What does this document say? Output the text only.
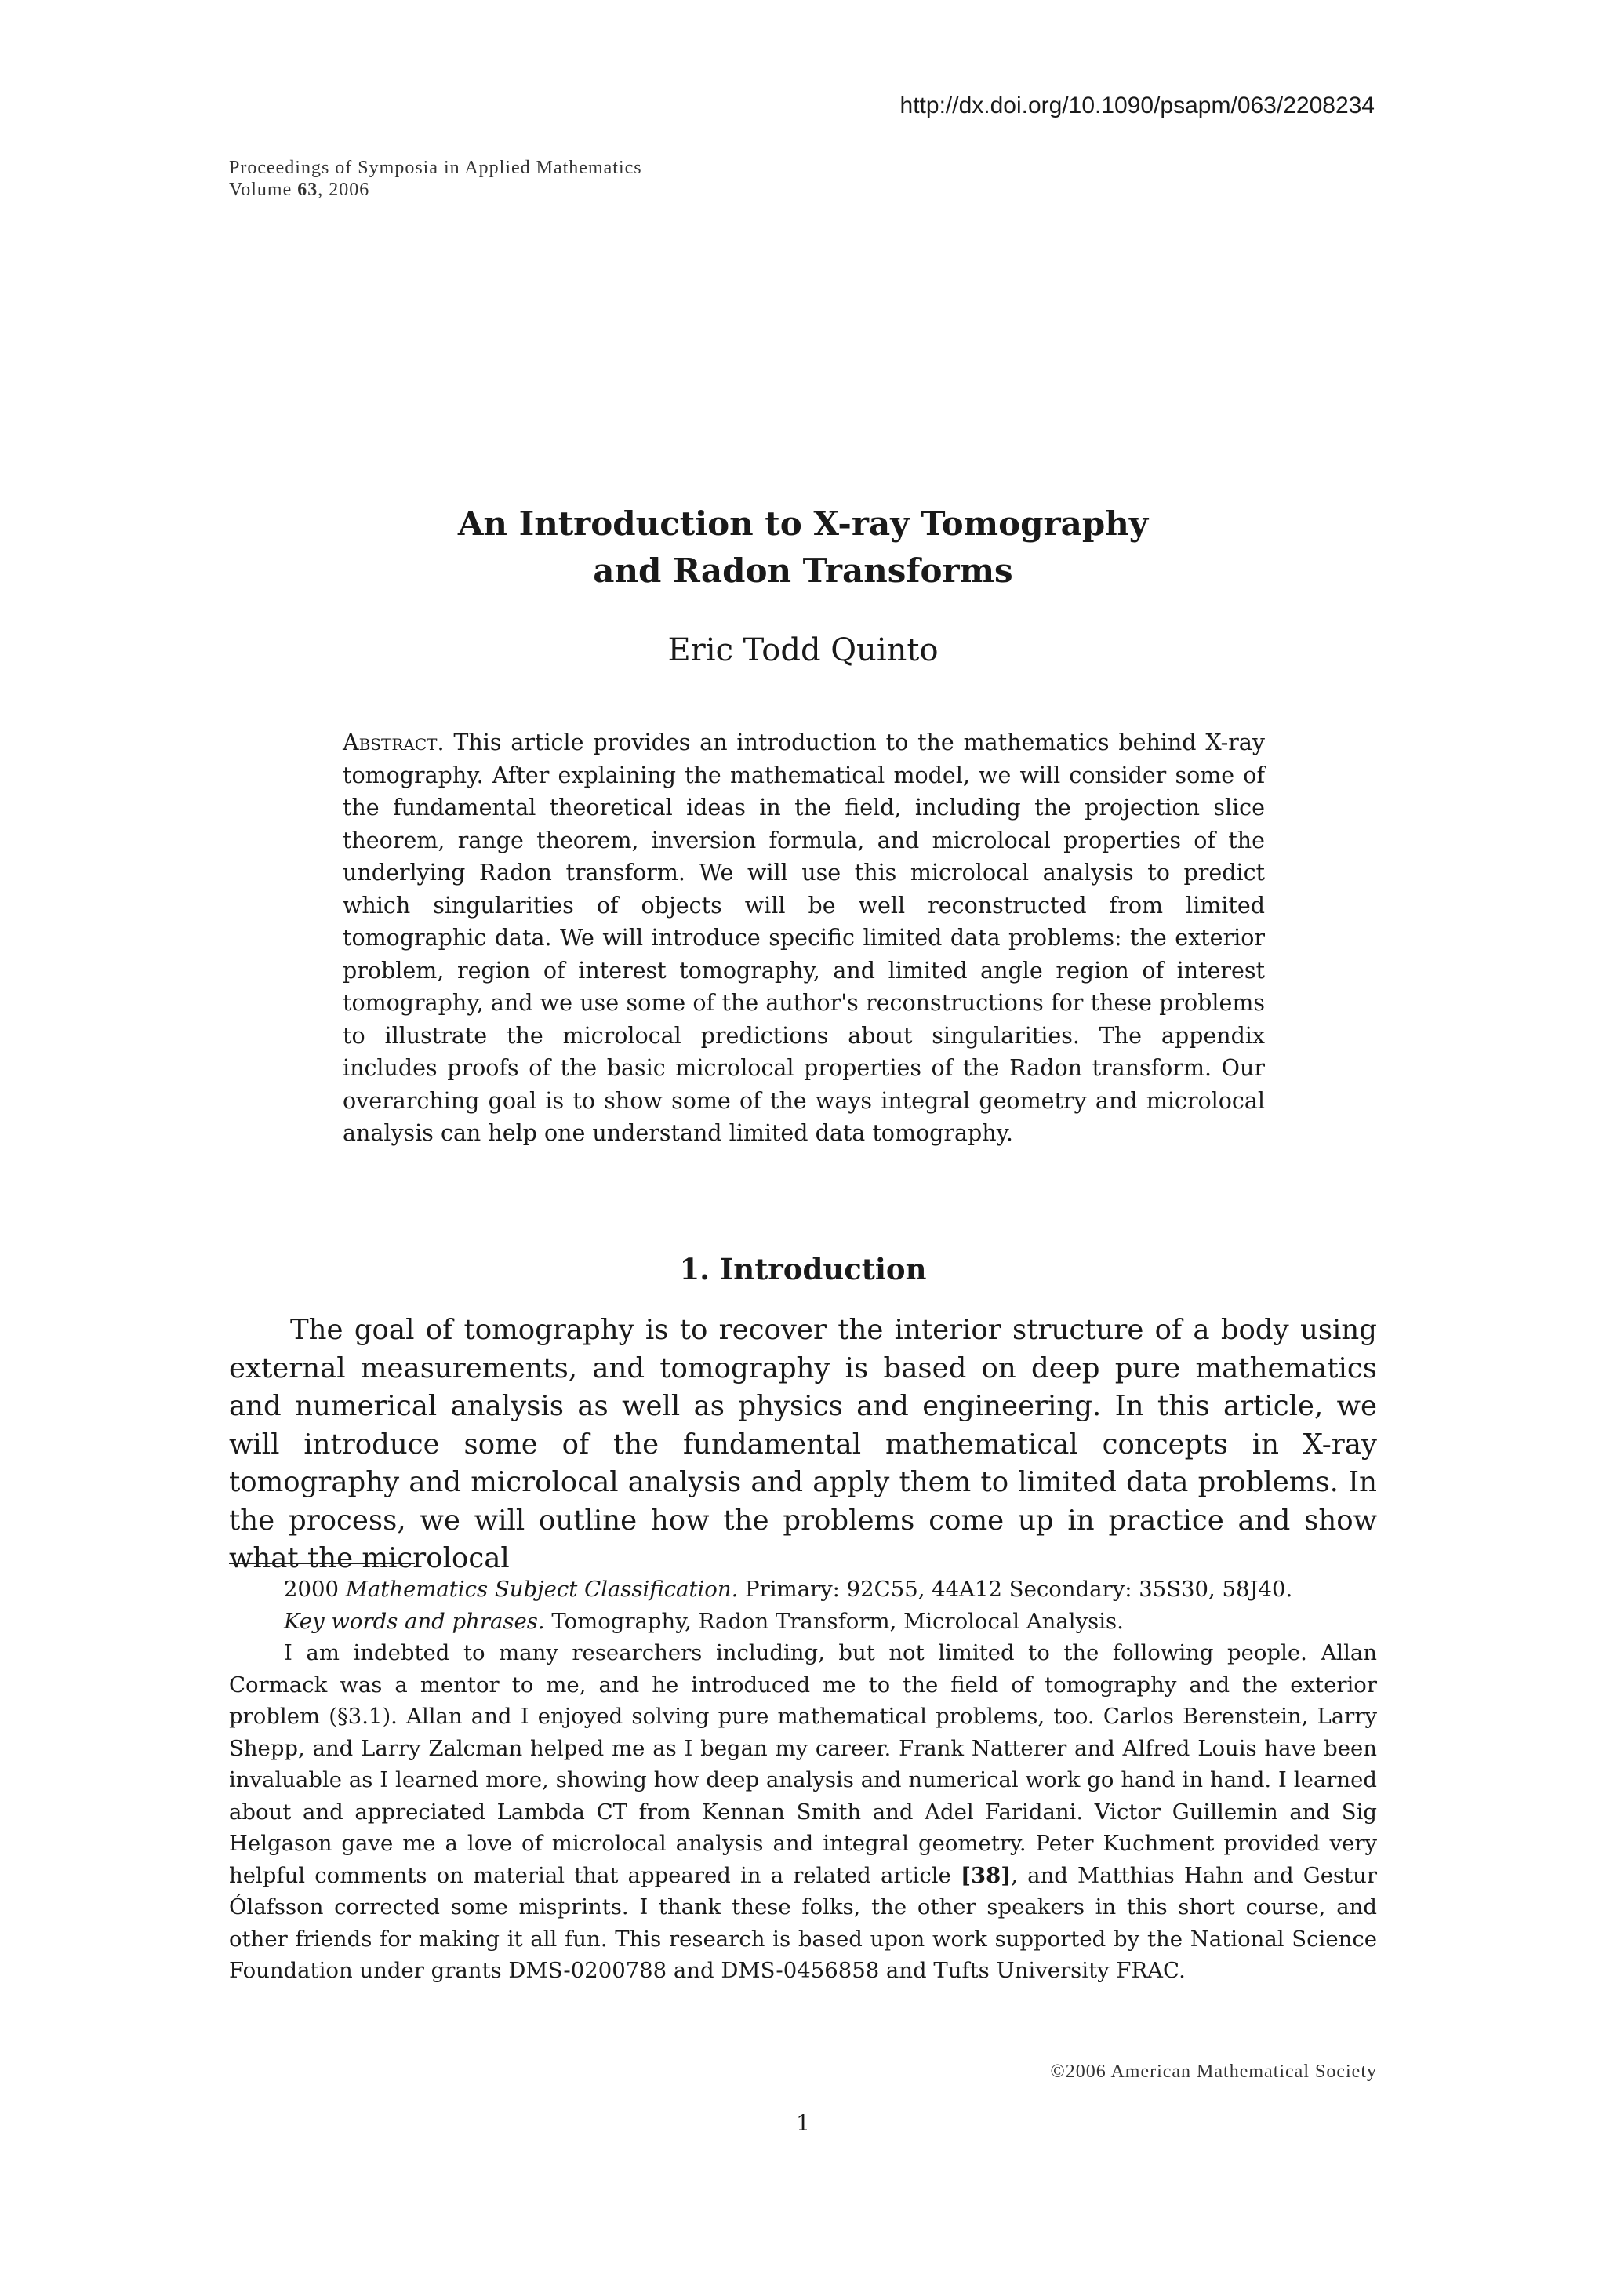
http://dx.doi.org/10.1090/psapm/063/2208234
Proceedings of Symposia in Applied Mathematics
Volume 63, 2006
An Introduction to X-ray Tomography
and Radon Transforms
Eric Todd Quinto
Abstract. This article provides an introduction to the mathematics behind X-ray tomography. After explaining the mathematical model, we will consider some of the fundamental theoretical ideas in the field, including the projection slice theorem, range theorem, inversion formula, and microlocal properties of the underlying Radon transform. We will use this microlocal analysis to predict which singularities of objects will be well reconstructed from limited tomographic data. We will introduce specific limited data problems: the exterior problem, region of interest tomography, and limited angle region of interest tomography, and we use some of the author's reconstructions for these problems to illustrate the microlocal predictions about singularities. The appendix includes proofs of the basic microlocal properties of the Radon transform. Our overarching goal is to show some of the ways integral geometry and microlocal analysis can help one understand limited data tomography.
1. Introduction
The goal of tomography is to recover the interior structure of a body using external measurements, and tomography is based on deep pure mathematics and numerical analysis as well as physics and engineering. In this article, we will introduce some of the fundamental mathematical concepts in X-ray tomography and microlocal analysis and apply them to limited data problems. In the process, we will outline how the problems come up in practice and show what the microlocal
2000 Mathematics Subject Classification. Primary: 92C55, 44A12 Secondary: 35S30, 58J40.
Key words and phrases. Tomography, Radon Transform, Microlocal Analysis.
I am indebted to many researchers including, but not limited to the following people. Allan Cormack was a mentor to me, and he introduced me to the field of tomography and the exterior problem (§3.1). Allan and I enjoyed solving pure mathematical problems, too. Carlos Berenstein, Larry Shepp, and Larry Zalcman helped me as I began my career. Frank Natterer and Alfred Louis have been invaluable as I learned more, showing how deep analysis and numerical work go hand in hand. I learned about and appreciated Lambda CT from Kennan Smith and Adel Faridani. Victor Guillemin and Sig Helgason gave me a love of microlocal analysis and integral geometry. Peter Kuchment provided very helpful comments on material that appeared in a related article [38], and Matthias Hahn and Gestur Ólafsson corrected some misprints. I thank these folks, the other speakers in this short course, and other friends for making it all fun. This research is based upon work supported by the National Science Foundation under grants DMS-0200788 and DMS-0456858 and Tufts University FRAC.
©2006 American Mathematical Society
1
